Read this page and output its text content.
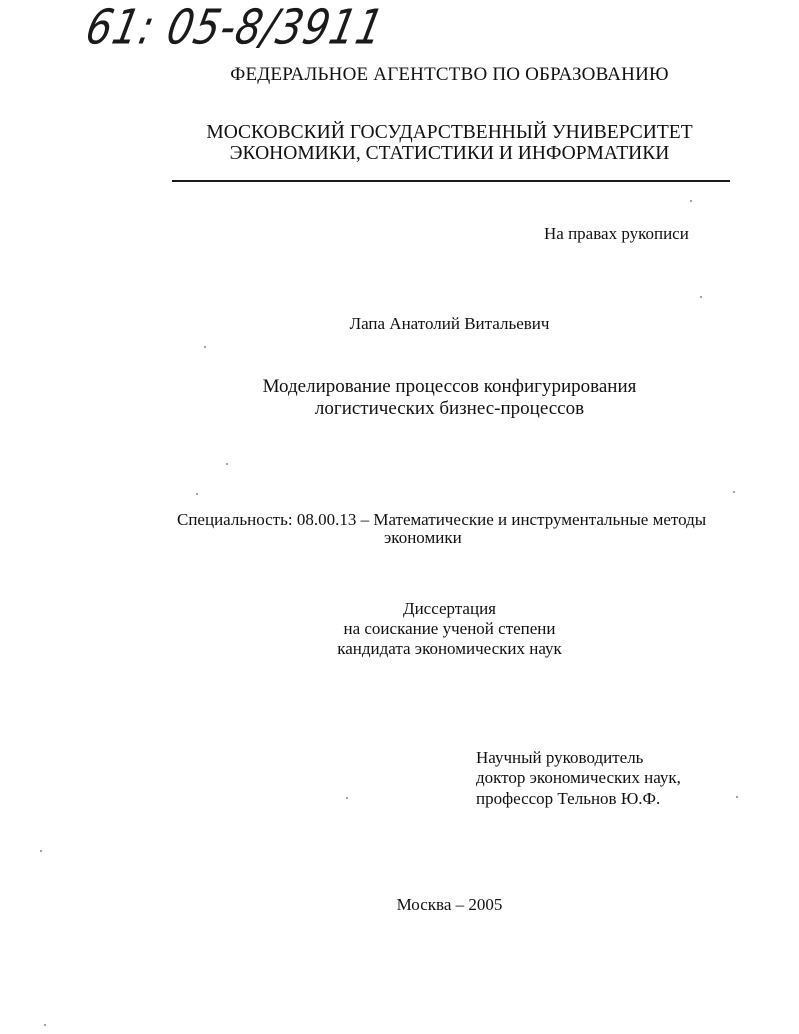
61: 05-8/3911
ФЕДЕРАЛЬНОЕ АГЕНТСТВО ПО ОБРАЗОВАНИЮ
МОСКОВСКИЙ ГОСУДАРСТВЕННЫЙ УНИВЕРСИТЕТ
ЭКОНОМИКИ, СТАТИСТИКИ И ИНФОРМАТИКИ
На правах рукописи
Лапа Анатолий Витальевич
Моделирование процессов конфигурирования
логистических бизнес-процессов
Специальность: 08.00.13 – Математические и инструментальные методы
экономики
Диссертация
на соискание ученой степени
кандидата экономических наук
Научный руководитель
доктор экономических наук,
профессор Тельнов Ю.Ф.
Москва – 2005
